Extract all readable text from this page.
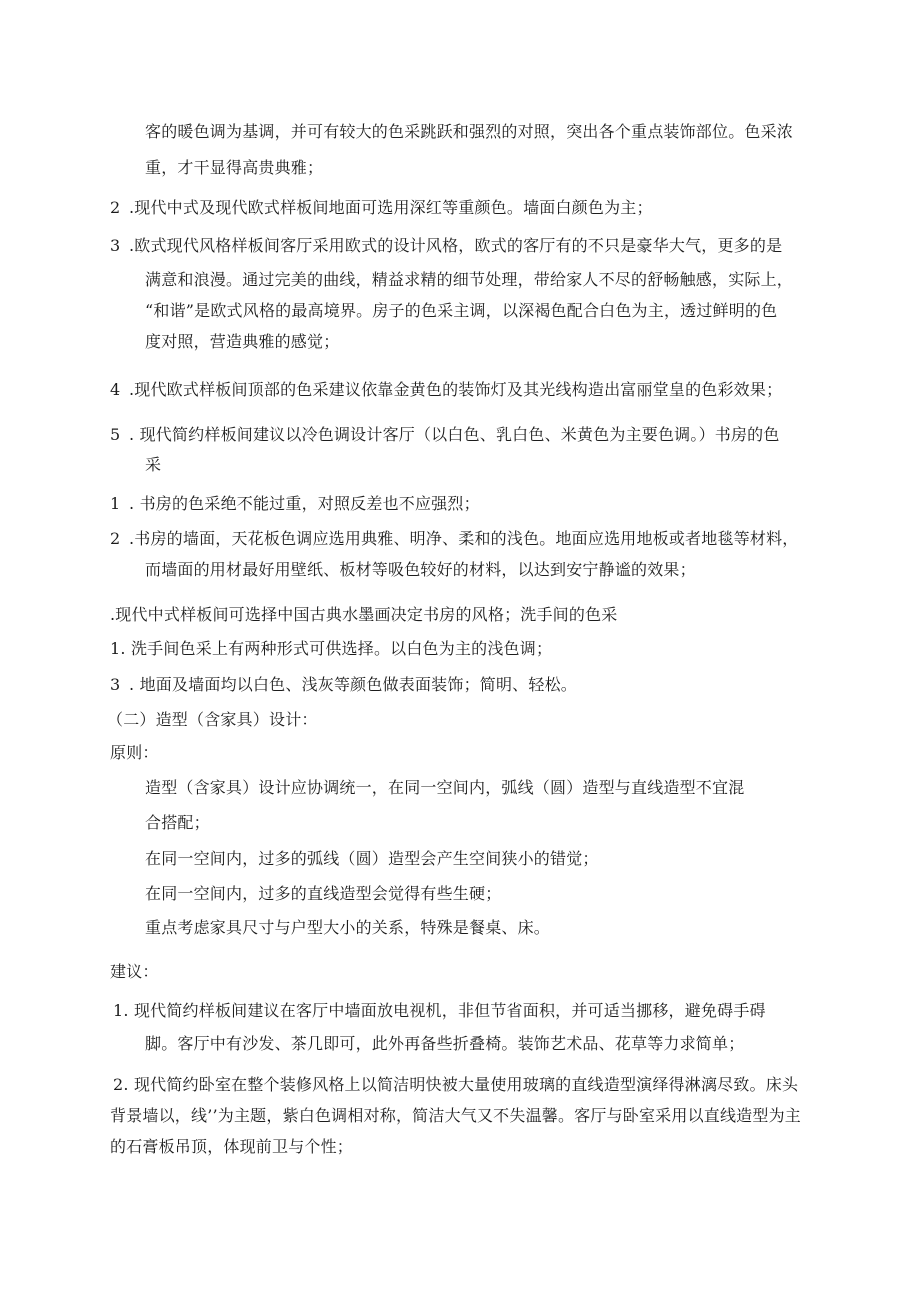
2
3
4
5
1
2
3
客的暖色调为基调，并可有较大的色采跳跃和强烈的对照，突出各个重点装饰部位。色采浓
重，才干显得高贵典雅；
.现代中式及现代欧式样板间地面可选用深红等重颜色。墙面白颜色为主；
.欧式现代风格样板间客厅采用欧式的设计风格，欧式的客厅有的不只是豪华大气，更多的是
满意和浪漫。通过完美的曲线，精益求精的细节处理，带给家人不尽的舒畅触感，实际上，
“和谐”是欧式风格的最高境界。房子的色采主调，以深褐色配合白色为主，透过鲜明的色
度对照，营造典雅的感觉；
.现代欧式样板间顶部的色采建议依靠金黄色的装饰灯及其光线构造出富丽堂皇的色彩效果；
. 现代简约样板间建议以冷色调设计客厅（以白色、乳白色、米黄色为主要色调。）书房的色
采
. 书房的色采绝不能过重，对照反差也不应强烈；
.书房的墙面，天花板色调应选用典雅、明净、柔和的浅色。地面应选用地板或者地毯等材料，
而墙面的用材最好用壁纸、板材等吸色较好的材料，以达到安宁静谧的效果；
.现代中式样板间可选择中国古典水墨画决定书房的风格；洗手间的色采
1. 洗手间色采上有两种形式可供选择。以白色为主的浅色调；
. 地面及墙面均以白色、浅灰等颜色做表面装饰；简明、轻松。
（二）造型（含家具）设计：
原则：
造型（含家具）设计应协调统一，在同一空间内，弧线（圆）造型与直线造型不宜混
合搭配；
在同一空间内，过多的弧线（圆）造型会产生空间狭小的错觉；
在同一空间内，过多的直线造型会觉得有些生硬；
重点考虑家具尺寸与户型大小的关系，特殊是餐桌、床。
建议：
1. 现代简约样板间建议在客厅中墙面放电视机，非但节省面积，并可适当挪移，避免碍手碍
脚。客厅中有沙发、茶几即可，此外再备些折叠椅。装饰艺术品、花草等力求简单；
2. 现代简约卧室在整个装修风格上以简洁明快被大量使用玻璃的直线造型演绎得淋漓尽致。床头
背景墙以，线’’为主题，紫白色调相对称，简洁大气又不失温馨。客厅与卧室采用以直线造型为主
的石膏板吊顶，体现前卫与个性；
